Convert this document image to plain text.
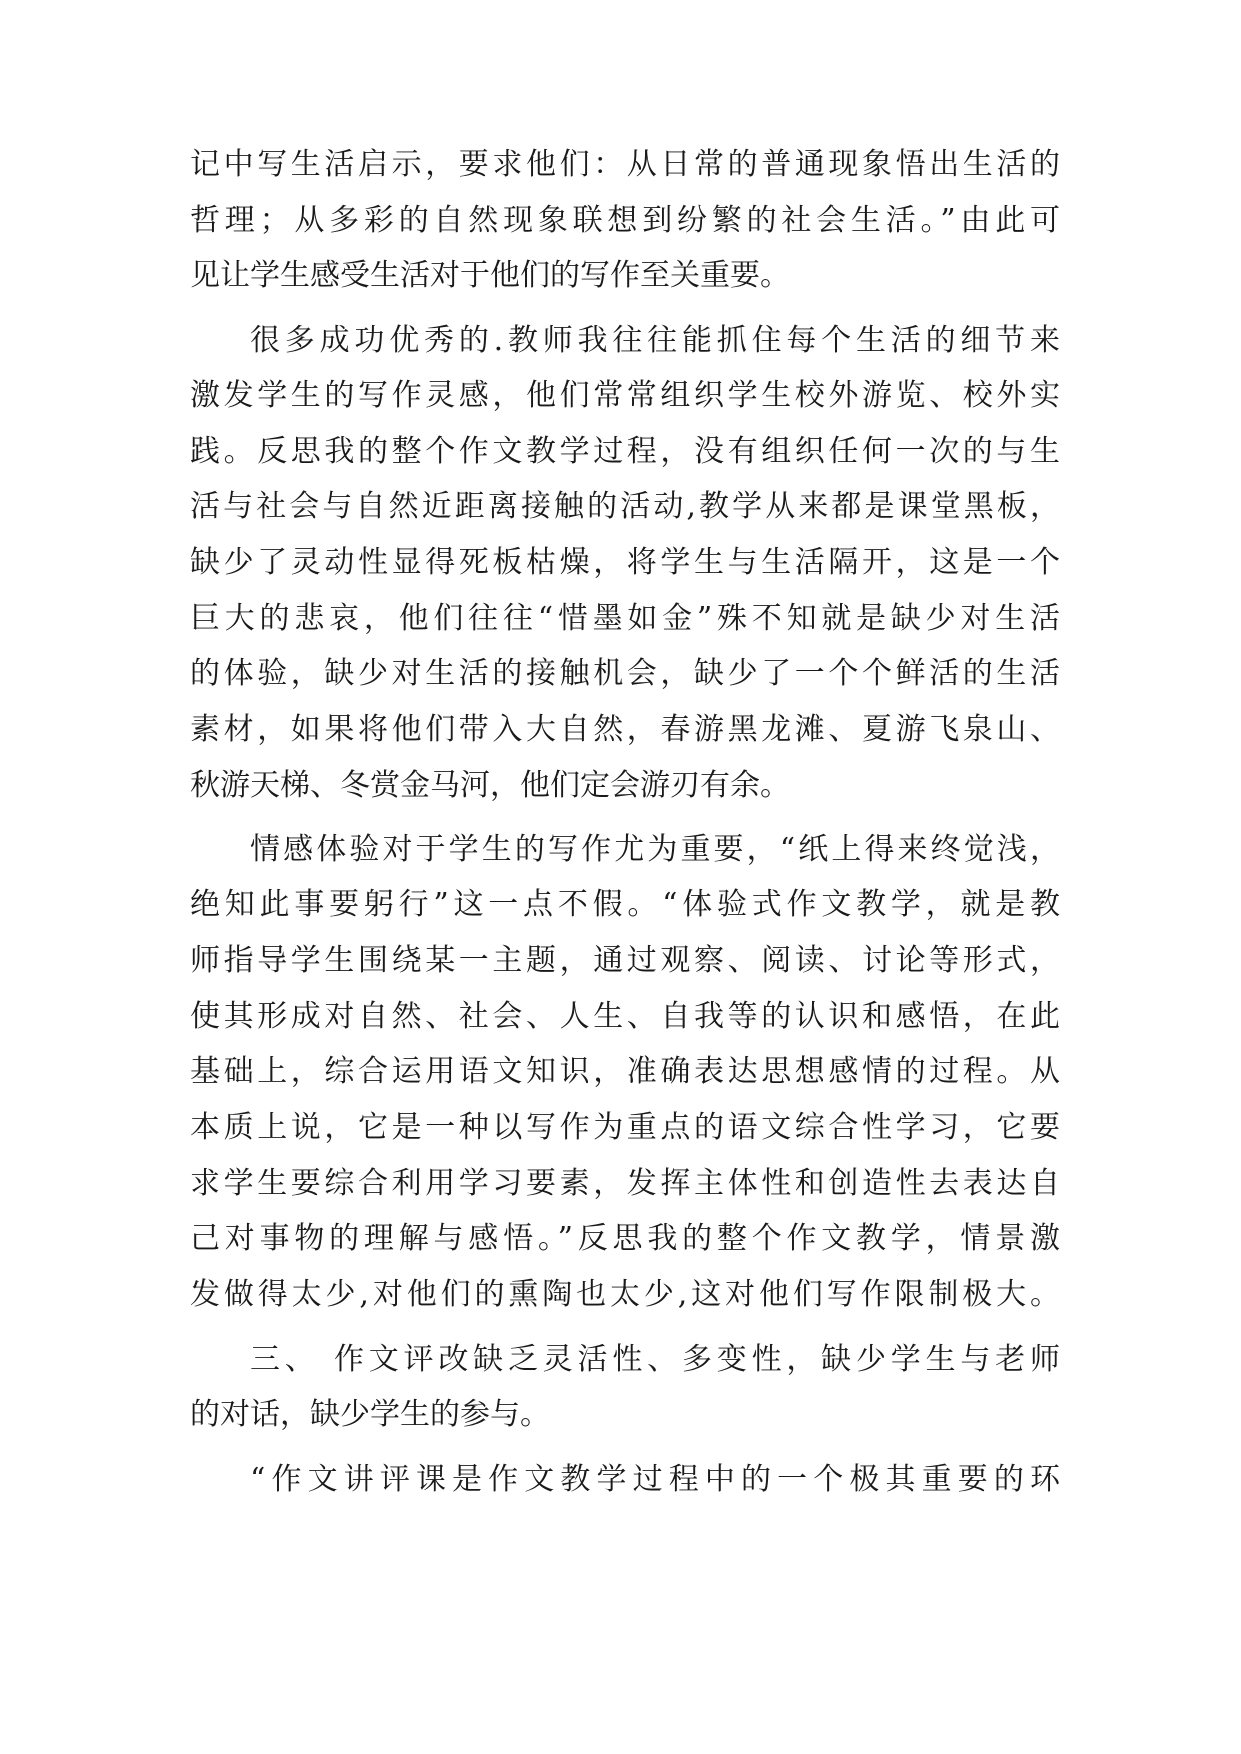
记中写生活启示，要求他们：从日常的普通现象悟出生活的
哲理；从多彩的自然现象联想到纷繁的社会生活。”由此可
见让学生感受生活对于他们的写作至关重要。
很多成功优秀的.教师我往往能抓住每个生活的细节来
激发学生的写作灵感，他们常常组织学生校外游览、校外实
践。反思我的整个作文教学过程，没有组织任何一次的与生
活与社会与自然近距离接触的活动,教学从来都是课堂黑板，
缺少了灵动性显得死板枯燥，将学生与生活隔开，这是一个
巨大的悲哀，他们往往“惜墨如金”殊不知就是缺少对生活
的体验，缺少对生活的接触机会，缺少了一个个鲜活的生活
素材，如果将他们带入大自然，春游黑龙滩、夏游飞泉山、
秋游天梯、冬赏金马河，他们定会游刃有余。
情感体验对于学生的写作尤为重要，“纸上得来终觉浅，
绝知此事要躬行”这一点不假。“体验式作文教学，就是教
师指导学生围绕某一主题，通过观察、阅读、讨论等形式，
使其形成对自然、社会、人生、自我等的认识和感悟，在此
基础上，综合运用语文知识，准确表达思想感情的过程。从
本质上说，它是一种以写作为重点的语文综合性学习，它要
求学生要综合利用学习要素，发挥主体性和创造性去表达自
己对事物的理解与感悟。”反思我的整个作文教学，情景激
发做得太少,对他们的熏陶也太少,这对他们写作限制极大。
三、 作文评改缺乏灵活性、多变性，缺少学生与老师
的对话，缺少学生的参与。
“作文讲评课是作文教学过程中的一个极其重要的环
